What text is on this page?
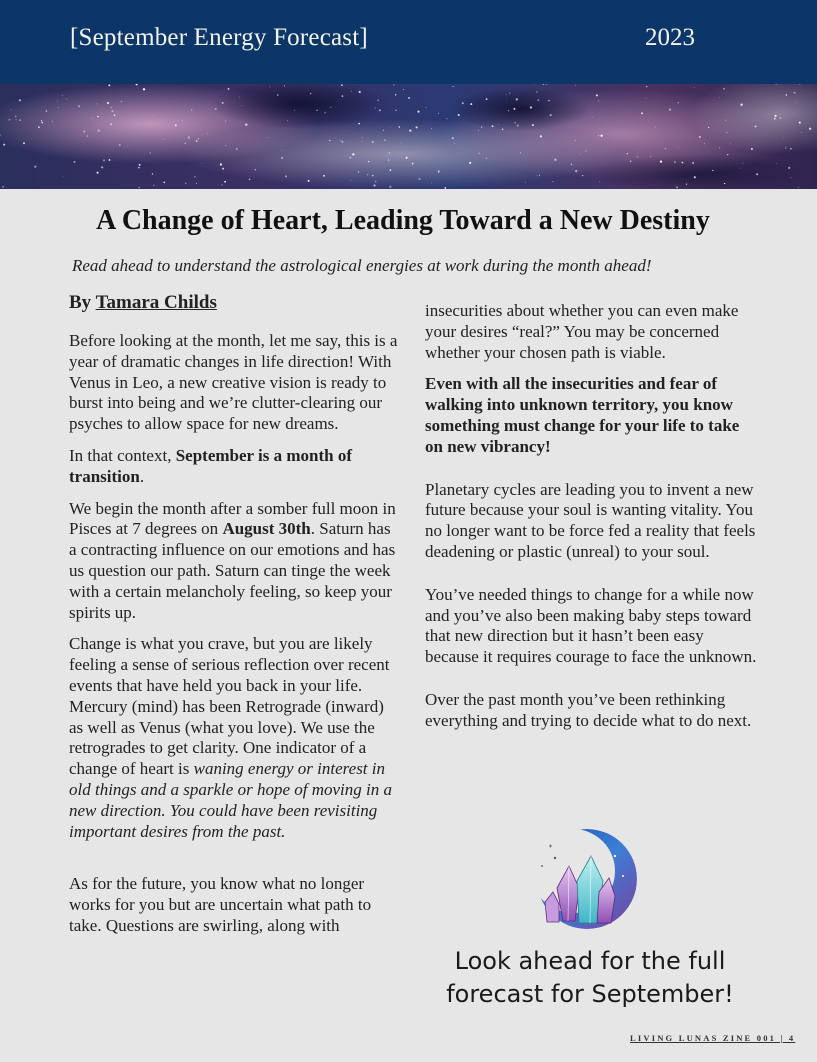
[September Energy Forecast]	2023
A Change of Heart, Leading Toward a New Destiny
Read ahead to understand the astrological energies at work during the month ahead!
By Tamara Childs

Before looking at the month, let me say, this is a year of dramatic changes in life direction! With Venus in Leo, a new creative vision is ready to burst into being and we’re clutter-clearing our psyches to allow space for new dreams.

In that context, September is a month of transition.

We begin the month after a somber full moon in Pisces at 7 degrees on August 30th. Saturn has a contracting influence on our emotions and has us question our path. Saturn can tinge the week with a certain melancholy feeling, so keep your spirits up.

Change is what you crave, but you are likely feeling a sense of serious reflection over recent events that have held you back in your life. Mercury (mind) has been Retrograde (inward) as well as Venus (what you love). We use the retrogrades to get clarity. One indicator of a change of heart is waning energy or interest in old things and a sparkle or hope of moving in a new direction. You could have been revisiting important desires from the past.

As for the future, you know what no longer works for you but are uncertain what path to take. Questions are swirling, along with

insecurities about whether you can even make your desires “real?” You may be concerned whether your chosen path is viable.

Even with all the insecurities and fear of walking into unknown territory, you know something must change for your life to take on new vibrancy!

Planetary cycles are leading you to invent a new future because your soul is wanting vitality. You no longer want to be force fed a reality that feels deadening or plastic (unreal) to your soul.

You’ve needed things to change for a while now and you’ve also been making baby steps toward that new direction but it hasn’t been easy because it requires courage to face the unknown.

Over the past month you’ve been rethinking everything and trying to decide what to do next.

Look ahead for the full
forecast for September!
LIVING LUNAS ZINE 001 | 4
